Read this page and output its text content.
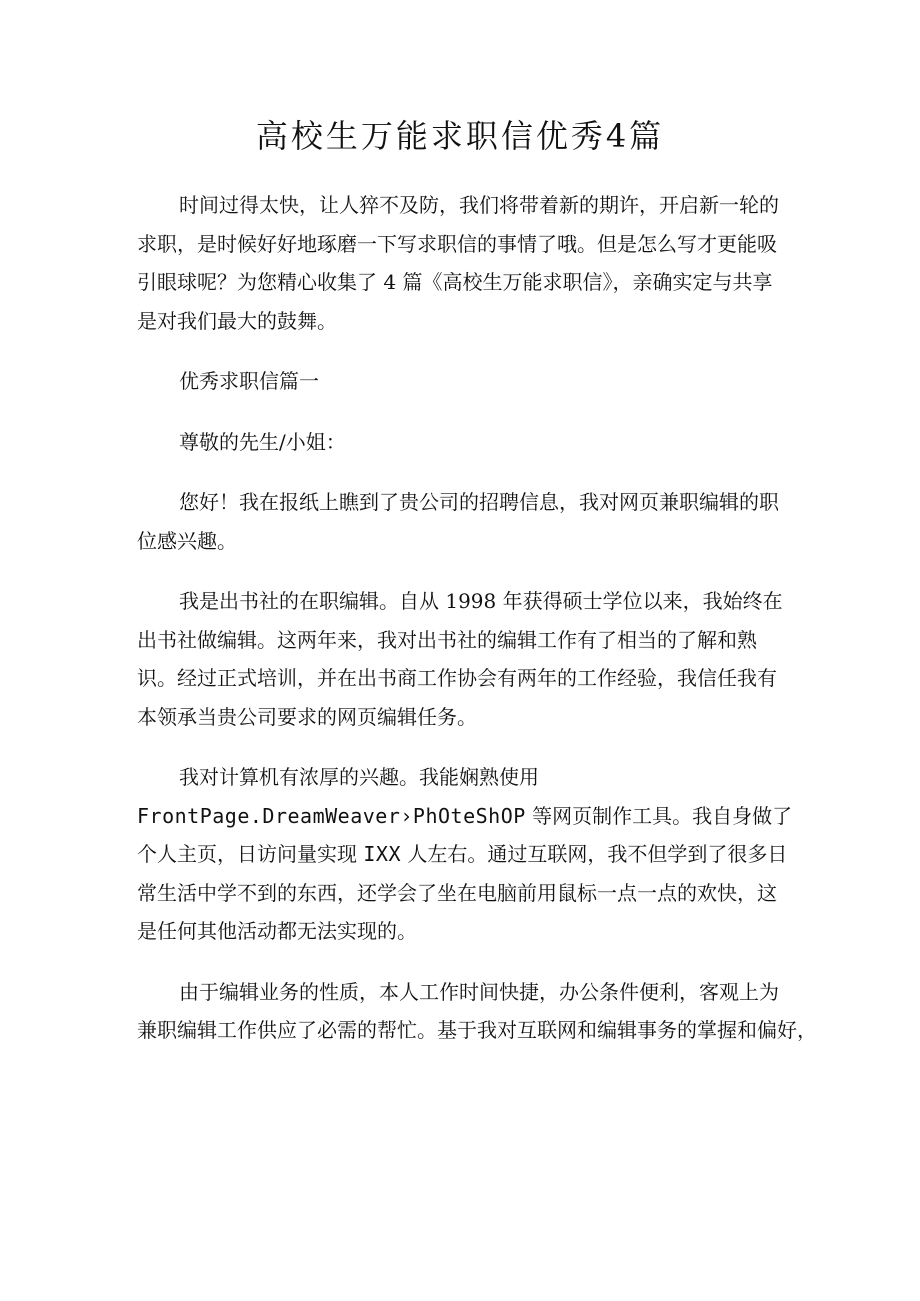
高校生万能求职信优秀4篇
时间过得太快，让人猝不及防，我们将带着新的期许，开启新一轮的
求职，是时候好好地琢磨一下写求职信的事情了哦。但是怎么写才更能吸
引眼球呢？为您精心收集了 4 篇《高校生万能求职信》，亲确实定与共享
是对我们最大的鼓舞。
优秀求职信篇一
尊敬的先生/小姐：
您好！我在报纸上瞧到了贵公司的招聘信息，我对网页兼职编辑的职
位感兴趣。
我是出书社的在职编辑。自从 1998 年获得硕士学位以来，我始终在
出书社做编辑。这两年来，我对出书社的编辑工作有了相当的了解和熟
识。经过正式培训，并在出书商工作协会有两年的工作经验，我信任我有
本领承当贵公司要求的网页编辑任务。
我对计算机有浓厚的兴趣。我能娴熟使用
FrontPage.DreamWeaver›PhOteShOP 等网页制作工具。我自身做了
个人主页，日访问量实现 IXX 人左右。通过互联网，我不但学到了很多日
常生活中学不到的东西，还学会了坐在电脑前用鼠标一点一点的欢快，这
是任何其他活动都无法实现的。
由于编辑业务的性质，本人工作时间快捷，办公条件便利，客观上为
兼职编辑工作供应了必需的帮忙。基于我对互联网和编辑事务的掌握和偏好，
